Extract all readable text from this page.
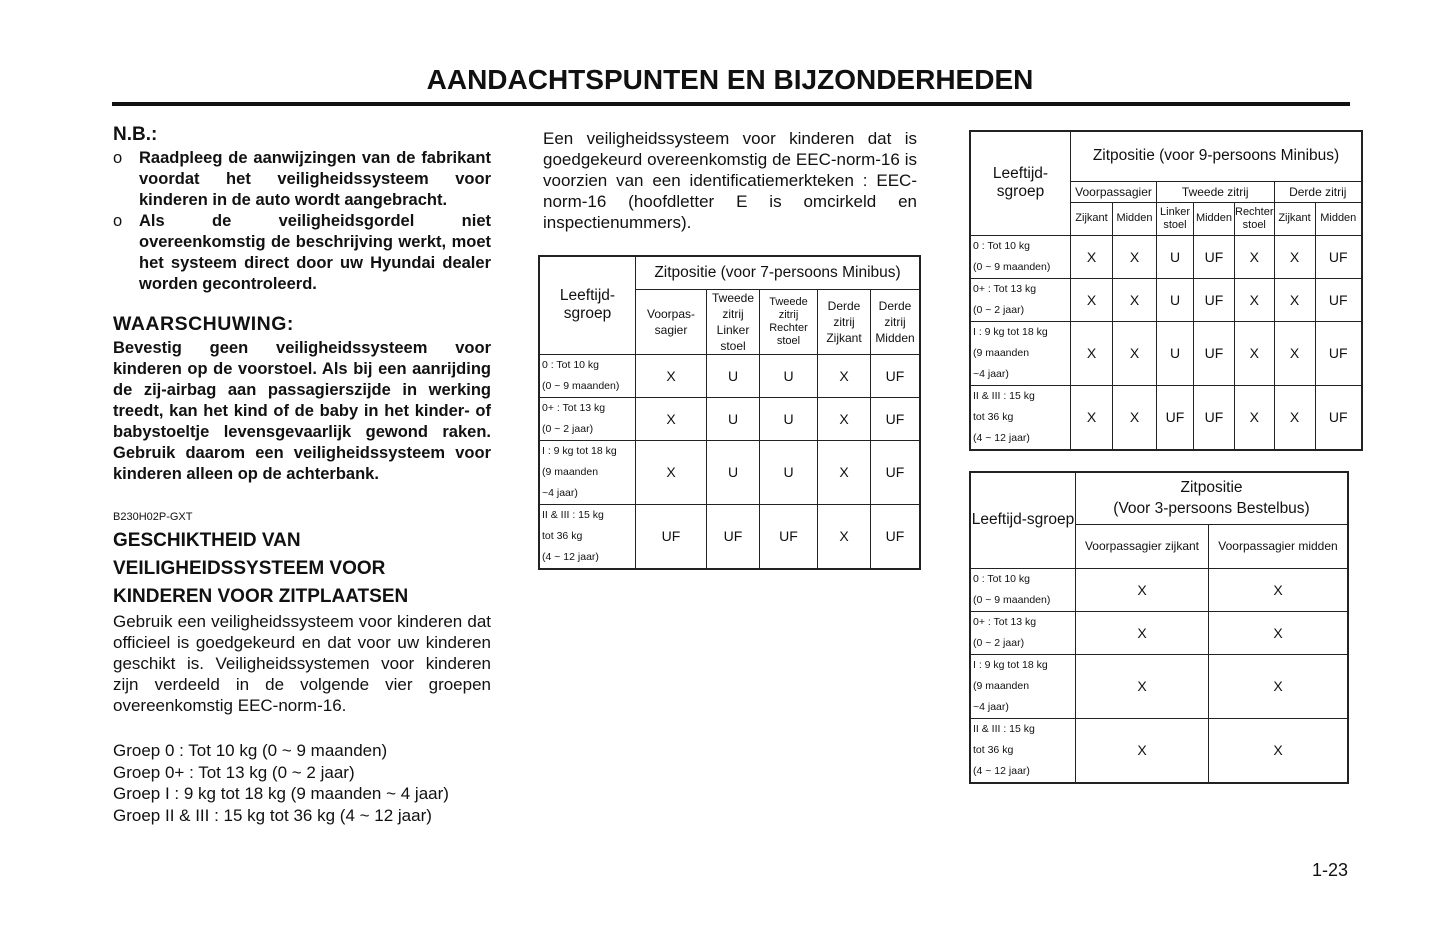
AANDACHTSPUNTEN EN BIJZONDERHEDEN
N.B.:
o Raadpleeg de aanwijzingen van de fabrikant voordat het veiligheidssysteem voor kinderen in de auto wordt aangebracht.
o Als de veiligheidsgordel niet overeenkomstig de beschrijving werkt, moet het systeem direct door uw Hyundai dealer worden gecontroleerd.
WAARSCHUWING:

Bevestig geen veiligheidssysteem voor kinderen op de voorstoel. Als bij een aanrijding de zij-airbag aan passagierszijde in werking treedt, kan het kind of de baby in het kinder- of babystoeltje levensgevaarlijk gewond raken. Gebruik daarom een veiligheidssysteem voor kinderen alleen op de achterbank.

B230H02P-GXT
GESCHIKTHEID VAN
VEILIGHEIDSSYSTEEM VOOR
KINDEREN VOOR ZITPLAATSEN

Gebruik een veiligheidssysteem voor kinderen dat officieel is goedgekeurd en dat voor uw kinderen geschikt is. Veiligheidssystemen voor kinderen zijn verdeeld in de volgende vier groepen overeenkomstig EEC-norm-16.

Groep 0 : Tot 10 kg (0 ~ 9 maanden)
Groep 0+ : Tot 13 kg (0 ~ 2 jaar)
Groep I : 9 kg tot 18 kg (9 maanden ~ 4 jaar)
Groep II & III : 15 kg tot 36 kg (4 ~ 12 jaar)

Een veiligheidssysteem voor kinderen dat is goedgekeurd overeenkomstig de EEC-norm-16 is voorzien van een identificatiemerkteken : EEC-norm-16 (hoofdletter E is omcirkeld en inspectienummers).

Leeftijd-sgroep	Zitpositie (voor 7-persoons Minibus)				
	Voorpas-sagier	Tweede zitrij Linker stoel	Tweede zitrij Rechter stoel	Derde zitrij Zijkant	Derde zitrij Midden

0 : Tot 10 kg
(0 ~ 9 maanden)	X	U	U	X	UF

0+ : Tot 13 kg
(0 ~ 2 jaar)	X	U	U	X	UF

I : 9 kg tot 18 kg
(9 maanden
~4 jaar)	X	U	U	X	UF

II & III : 15 kg
tot 36 kg
(4 ~ 12 jaar)	UF	UF	UF	X	UF
Leeftijd-sgroep	Zitpositie (voor 9-persoons Minibus)						
	Voorpassagier		Tweede zitrij			Derde zitrij	
	Zijkant	Midden	Linker stoel	Midden	Rechter stoel	Zijkant	Midden

0 : Tot 10 kg
(0 ~ 9 maanden)	X	X	U	UF	X	X	UF

0+ : Tot 13 kg
(0 ~ 2 jaar)	X	X	U	UF	X	X	UF

I : 9 kg tot 18 kg
(9 maanden
~4 jaar)	X	X	U	UF	X	X	UF

II & III : 15 kg
tot 36 kg
(4 ~ 12 jaar)	X	X	UF	UF	X	X	UF
Leeftijd-sgroep	Zitpositie
(Voor 3-persoons Bestelbus)	

	Voorpassagier zijkant	Voorpassagier midden

0 : Tot 10 kg
(0 ~ 9 maanden)	X	X

0+ : Tot 13 kg
(0 ~ 2 jaar)	X	X

I : 9 kg tot 18 kg
(9 maanden
~4 jaar)	X	X

II & III : 15 kg
tot 36 kg
(4 ~ 12 jaar)	X	X
1-23
